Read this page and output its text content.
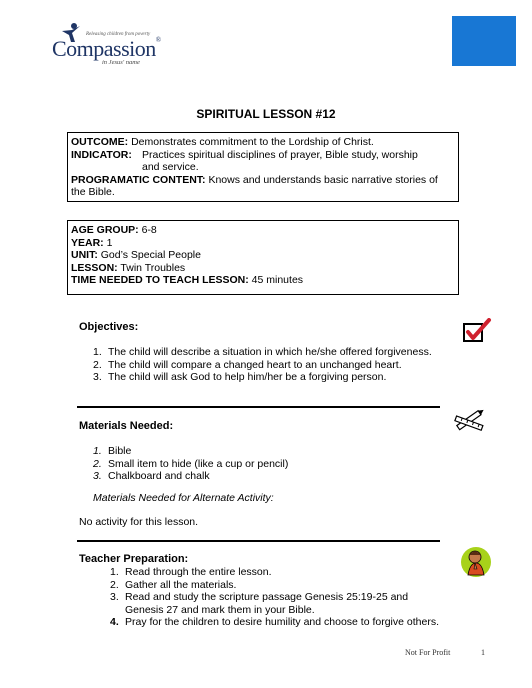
Releasing children from poverty
Compassion®
in Jesus' name
SPIRITUAL LESSON #12
OUTCOME: Demonstrates commitment to the Lordship of Christ.
INDICATOR: Practices spiritual disciplines of prayer, Bible study, worship and service.
PROGRAMATIC CONTENT: Knows and understands basic narrative stories of the Bible.
AGE GROUP: 6-8
YEAR: 1
UNIT: God’s Special People
LESSON: Twin Troubles
TIME NEEDED TO TEACH LESSON: 45 minutes
Objectives:
1. The child will describe a situation in which he/she offered forgiveness.
2. The child will compare a changed heart to an unchanged heart.
3. The child will ask God to help him/her be a forgiving person.
Materials Needed:
1. Bible
2. Small item to hide (like a cup or pencil)
3. Chalkboard and chalk
Materials Needed for Alternate Activity:
No activity for this lesson.
Teacher Preparation:
1. Read through the entire lesson.
2. Gather all the materials.
3. Read and study the scripture passage Genesis 25:19-25 and
Genesis 27 and mark them in your Bible.
4. Pray for the children to desire humility and choose to forgive others.
Not For Profit	1
